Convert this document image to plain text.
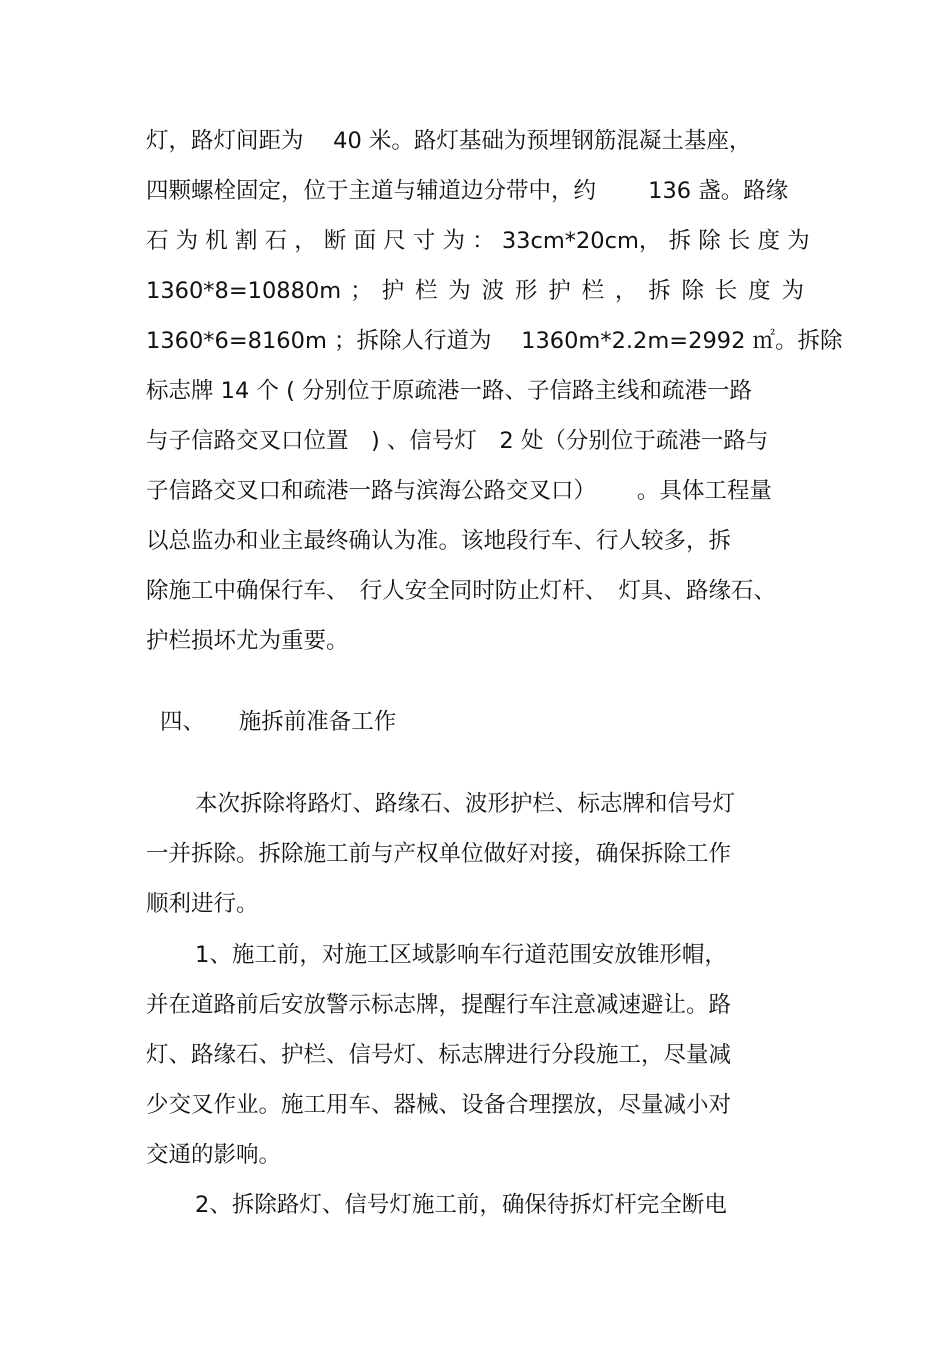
灯，路灯间距为　 40 米。路灯基础为预埋钢筋混凝土基座，

四颗螺栓固定，位于主道与辅道边分带中，约　　 136 盏。路缘

石 为 机 割 石 ， 断 面 尺 寸 为 ： 33cm*20cm， 拆 除 长 度 为

1360*8=10880m ； 护 栏 为 波 形 护 栏 ， 拆 除 长 度 为

1360*6=8160m ；拆除人行道为　 1360m*2.2m=2992 ㎡。拆除

标志牌 14 个 ( 分别位于原疏港一路、子信路主线和疏港一路

与子信路交叉口位置　) 、信号灯　2 处（分别位于疏港一路与

子信路交叉口和疏港一路与滨海公路交叉口）　　 。具体工程量

以总监办和业主最终确认为准。该地段行车、行人较多，拆

除施工中确保行车、　行人安全同时防止灯杆、　灯具、路缘石、

护栏损坏尤为重要。

四、　　施拆前准备工作

本次拆除将路灯、路缘石、波形护栏、标志牌和信号灯

一并拆除。拆除施工前与产权单位做好对接，确保拆除工作

顺利进行。

1、施工前，对施工区域影响车行道范围安放锥形帽，

并在道路前后安放警示标志牌，提醒行车注意减速避让。路

灯、路缘石、护栏、信号灯、标志牌进行分段施工，尽量减

少交叉作业。施工用车、器械、设备合理摆放，尽量减小对

交通的影响。

2、拆除路灯、信号灯施工前，确保待拆灯杆完全断电
